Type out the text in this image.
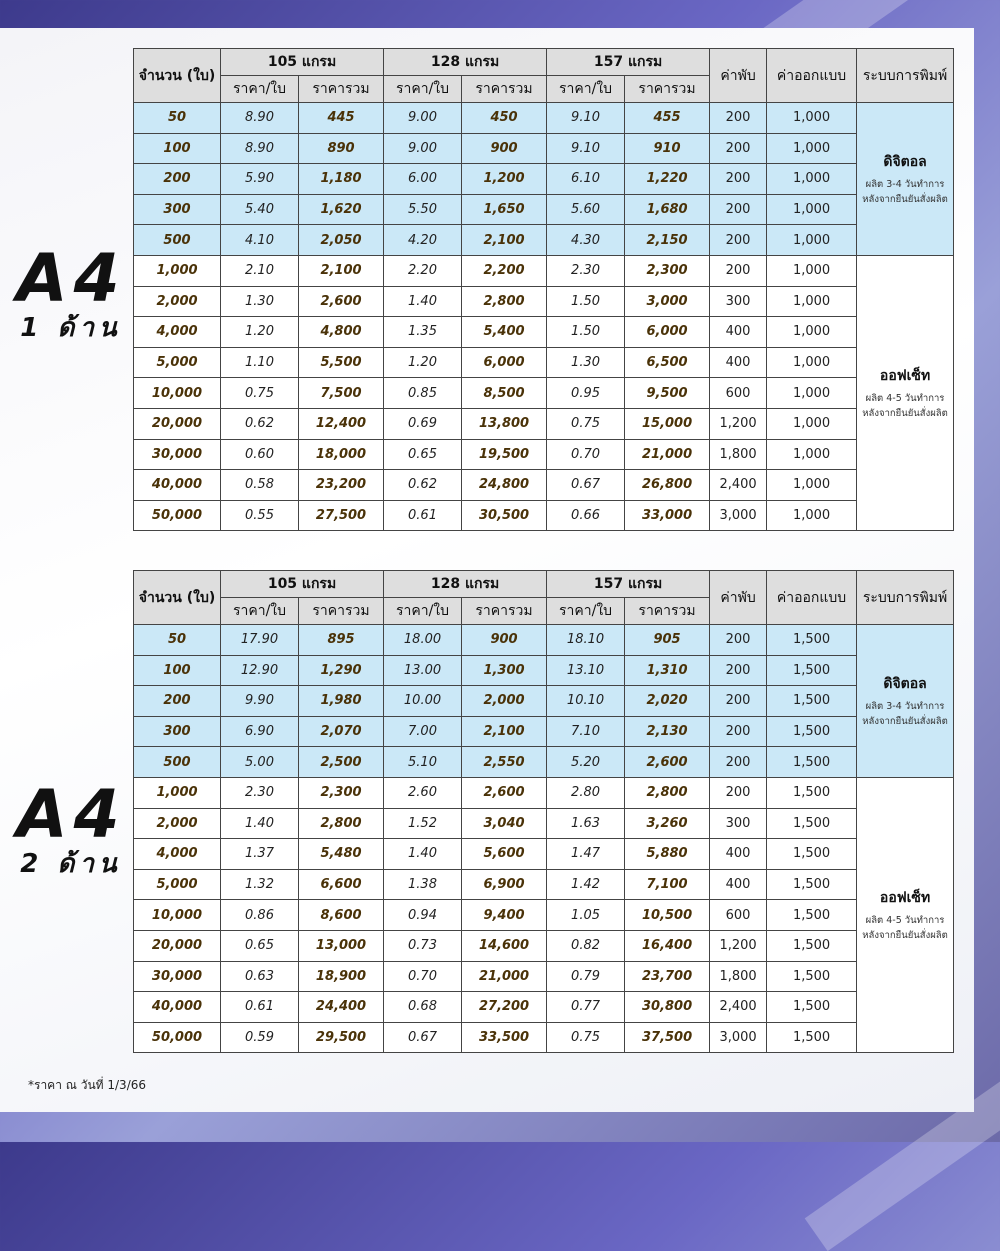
A4
1 ด้าน
A4
2 ด้าน
จำนวน (ใบ)	105 แกรม		128 แกรม		157 แกรม		ค่าพับ	ค่าออกแบบ	ระบบการพิมพ์
	ราคา/ใบ	ราคารวม	ราคา/ใบ	ราคารวม	ราคา/ใบ	ราคารวม			
50	8.90	445	9.00	450	9.10	455	200	1,000	ดิจิตอล
ผลิต 3-4 วันทำการ
หลังจากยืนยันสั่งผลิต

100	8.90	890	9.00	900	9.10	910	200	1,000	
200	5.90	1,180	6.00	1,200	6.10	1,220	200	1,000	
300	5.40	1,620	5.50	1,650	5.60	1,680	200	1,000	
500	4.10	2,050	4.20	2,100	4.30	2,150	200	1,000	
1,000	2.10	2,100	2.20	2,200	2.30	2,300	200	1,000	ออฟเซ็ท
ผลิต 4-5 วันทำการ
หลังจากยืนยันสั่งผลิต

2,000	1.30	2,600	1.40	2,800	1.50	3,000	300	1,000	
4,000	1.20	4,800	1.35	5,400	1.50	6,000	400	1,000	
5,000	1.10	5,500	1.20	6,000	1.30	6,500	400	1,000	
10,000	0.75	7,500	0.85	8,500	0.95	9,500	600	1,000	
20,000	0.62	12,400	0.69	13,800	0.75	15,000	1,200	1,000	
30,000	0.60	18,000	0.65	19,500	0.70	21,000	1,800	1,000	
40,000	0.58	23,200	0.62	24,800	0.67	26,800	2,400	1,000	
50,000	0.55	27,500	0.61	30,500	0.66	33,000	3,000	1,000	
จำนวน (ใบ)	105 แกรม		128 แกรม		157 แกรม		ค่าพับ	ค่าออกแบบ	ระบบการพิมพ์
	ราคา/ใบ	ราคารวม	ราคา/ใบ	ราคารวม	ราคา/ใบ	ราคารวม			
50	17.90	895	18.00	900	18.10	905	200	1,500	ดิจิตอล
ผลิต 3-4 วันทำการ
หลังจากยืนยันสั่งผลิต

100	12.90	1,290	13.00	1,300	13.10	1,310	200	1,500	
200	9.90	1,980	10.00	2,000	10.10	2,020	200	1,500	
300	6.90	2,070	7.00	2,100	7.10	2,130	200	1,500	
500	5.00	2,500	5.10	2,550	5.20	2,600	200	1,500	
1,000	2.30	2,300	2.60	2,600	2.80	2,800	200	1,500	ออฟเซ็ท
ผลิต 4-5 วันทำการ
หลังจากยืนยันสั่งผลิต

2,000	1.40	2,800	1.52	3,040	1.63	3,260	300	1,500	
4,000	1.37	5,480	1.40	5,600	1.47	5,880	400	1,500	
5,000	1.32	6,600	1.38	6,900	1.42	7,100	400	1,500	
10,000	0.86	8,600	0.94	9,400	1.05	10,500	600	1,500	
20,000	0.65	13,000	0.73	14,600	0.82	16,400	1,200	1,500	
30,000	0.63	18,900	0.70	21,000	0.79	23,700	1,800	1,500	
40,000	0.61	24,400	0.68	27,200	0.77	30,800	2,400	1,500	
50,000	0.59	29,500	0.67	33,500	0.75	37,500	3,000	1,500	
*ราคา ณ วันที่ 1/3/66
